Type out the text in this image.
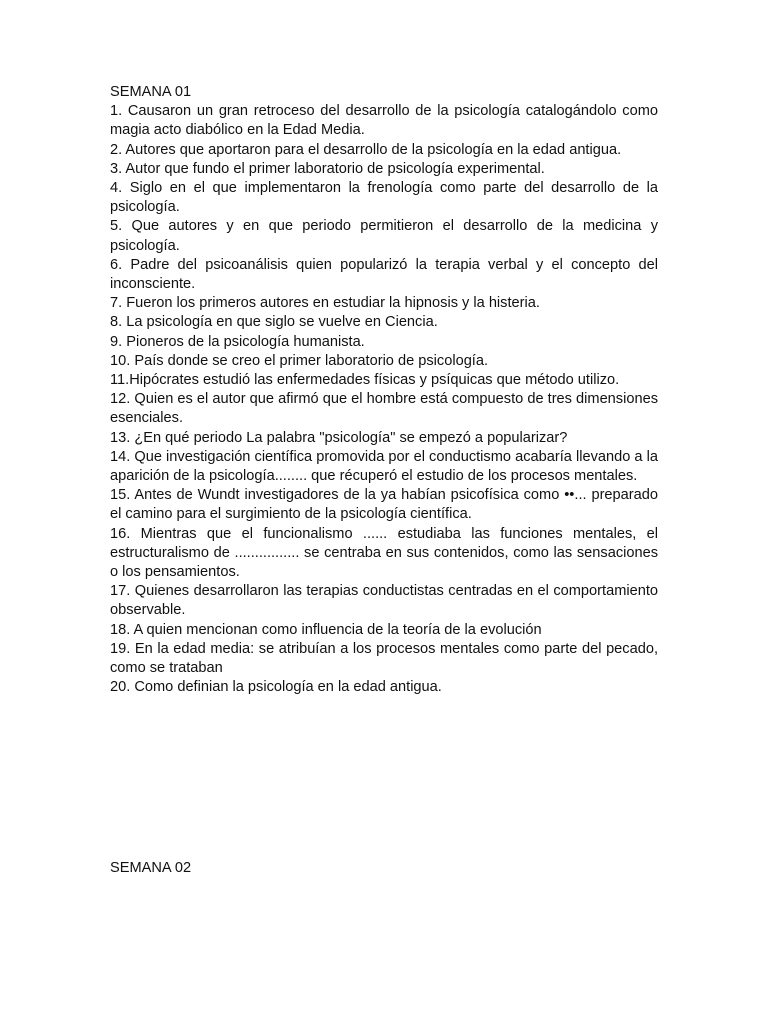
SEMANA 01
1. Causaron un gran retroceso del desarrollo de la psicología catalogándolo como magia acto diabólico en la Edad Media.
2. Autores que aportaron para el desarrollo de la psicología en la edad antigua.
3. Autor que fundo el primer laboratorio de psicología experimental.
4. Siglo en el que implementaron la frenología como parte del desarrollo de la psicología.
5. Que autores y en que periodo permitieron el desarrollo de la medicina y psicología.
6. Padre del psicoanálisis quien popularizó la terapia verbal y el concepto del inconsciente.
7. Fueron los primeros autores en estudiar la hipnosis y la histeria.
8. La psicología en que siglo se vuelve en Ciencia.
9. Pioneros de la psicología humanista.
10. País donde se creo el primer laboratorio de psicología.
11.Hipócrates estudió las enfermedades físicas y psíquicas que método utilizo.
12. Quien es el autor que afirmó que el hombre está compuesto de tres dimensiones esenciales.
13. ¿En qué periodo La palabra "psicología" se empezó a popularizar?
14. Que investigación científica promovida por el conductismo acabaría llevando a la aparición de la psicología........ que récuperó el estudio de los procesos mentales.
15. Antes de Wundt investigadores de la ya habían psicofísica como ••... preparado el camino para el surgimiento de la psicología científica.
16. Mientras que el funcionalismo ...... estudiaba las funciones mentales, el estructuralismo de ................ se centraba en sus contenidos, como las sensaciones o los pensamientos.
17. Quienes desarrollaron las terapias conductistas centradas en el comportamiento observable.
18. A quien mencionan como influencia de la teoría de la evolución
19. En la edad media: se atribuían a los procesos mentales como parte del pecado, como se trataban
20. Como definian la psicología en la edad antigua.
SEMANA 02
